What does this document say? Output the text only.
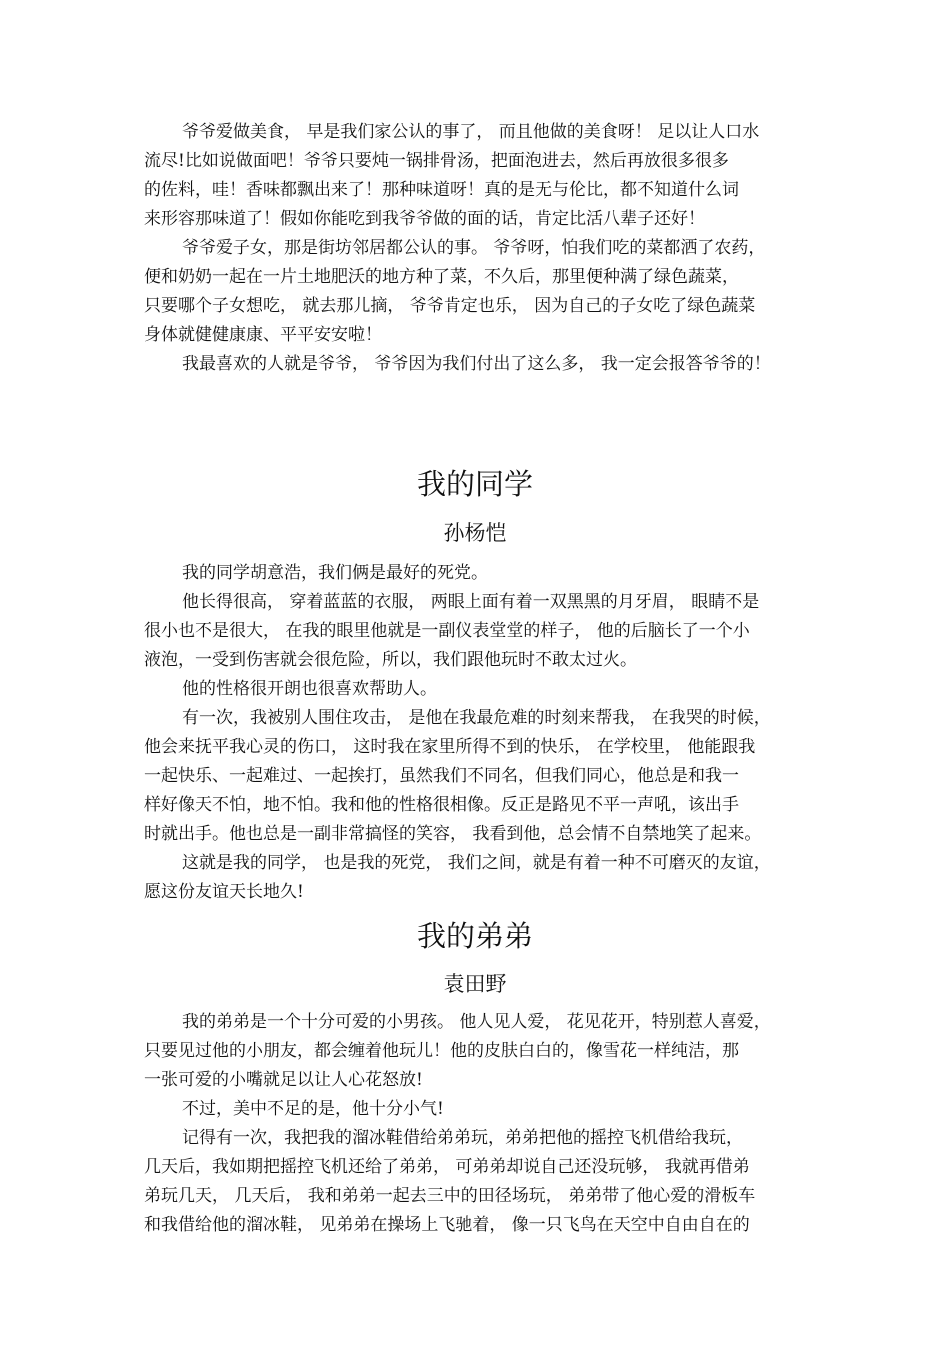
爷爷爱做美食， 早是我们家公认的事了， 而且他做的美食呀！ 足以让人口水
流尽!比如说做面吧！爷爷只要炖一锅排骨汤，把面泡进去，然后再放很多很多
的佐料，哇！香味都飘出来了！那种味道呀！真的是无与伦比，都不知道什么词
来形容那味道了！假如你能吃到我爷爷做的面的话，肯定比活八辈子还好！
爷爷爱子女，那是街坊邻居都公认的事。 爷爷呀，怕我们吃的菜都洒了农药，
便和奶奶一起在一片土地肥沃的地方种了菜，不久后，那里便种满了绿色蔬菜，
只要哪个子女想吃， 就去那儿摘， 爷爷肯定也乐， 因为自己的子女吃了绿色蔬菜
身体就健健康康、平平安安啦！
我最喜欢的人就是爷爷， 爷爷因为我们付出了这么多， 我一定会报答爷爷的！
我的同学
孙杨恺
我的同学胡意浩，我们俩是最好的死党。
他长得很高， 穿着蓝蓝的衣服， 两眼上面有着一双黑黑的月牙眉， 眼睛不是
很小也不是很大， 在我的眼里他就是一副仪表堂堂的样子， 他的后脑长了一个小
液泡，一受到伤害就会很危险，所以，我们跟他玩时不敢太过火。
他的性格很开朗也很喜欢帮助人。
有一次，我被别人围住攻击， 是他在我最危难的时刻来帮我， 在我哭的时候，
他会来抚平我心灵的伤口， 这时我在家里所得不到的快乐， 在学校里， 他能跟我
一起快乐、一起难过、一起挨打，虽然我们不同名，但我们同心，他总是和我一
样好像天不怕，地不怕。我和他的性格很相像。反正是路见不平一声吼，该出手
时就出手。他也总是一副非常搞怪的笑容， 我看到他，总会情不自禁地笑了起来。
这就是我的同学， 也是我的死党， 我们之间，就是有着一种不可磨灭的友谊，
愿这份友谊天长地久!
我的弟弟
袁田野
我的弟弟是一个十分可爱的小男孩。 他人见人爱， 花见花开，特别惹人喜爱，
只要见过他的小朋友，都会缠着他玩儿！他的皮肤白白的，像雪花一样纯洁，那
一张可爱的小嘴就足以让人心花怒放!
不过，美中不足的是，他十分小气!
记得有一次，我把我的溜冰鞋借给弟弟玩，弟弟把他的摇控飞机借给我玩，
几天后，我如期把摇控飞机还给了弟弟， 可弟弟却说自己还没玩够， 我就再借弟
弟玩几天， 几天后， 我和弟弟一起去三中的田径场玩， 弟弟带了他心爱的滑板车
和我借给他的溜冰鞋， 见弟弟在操场上飞驰着， 像一只飞鸟在天空中自由自在的
